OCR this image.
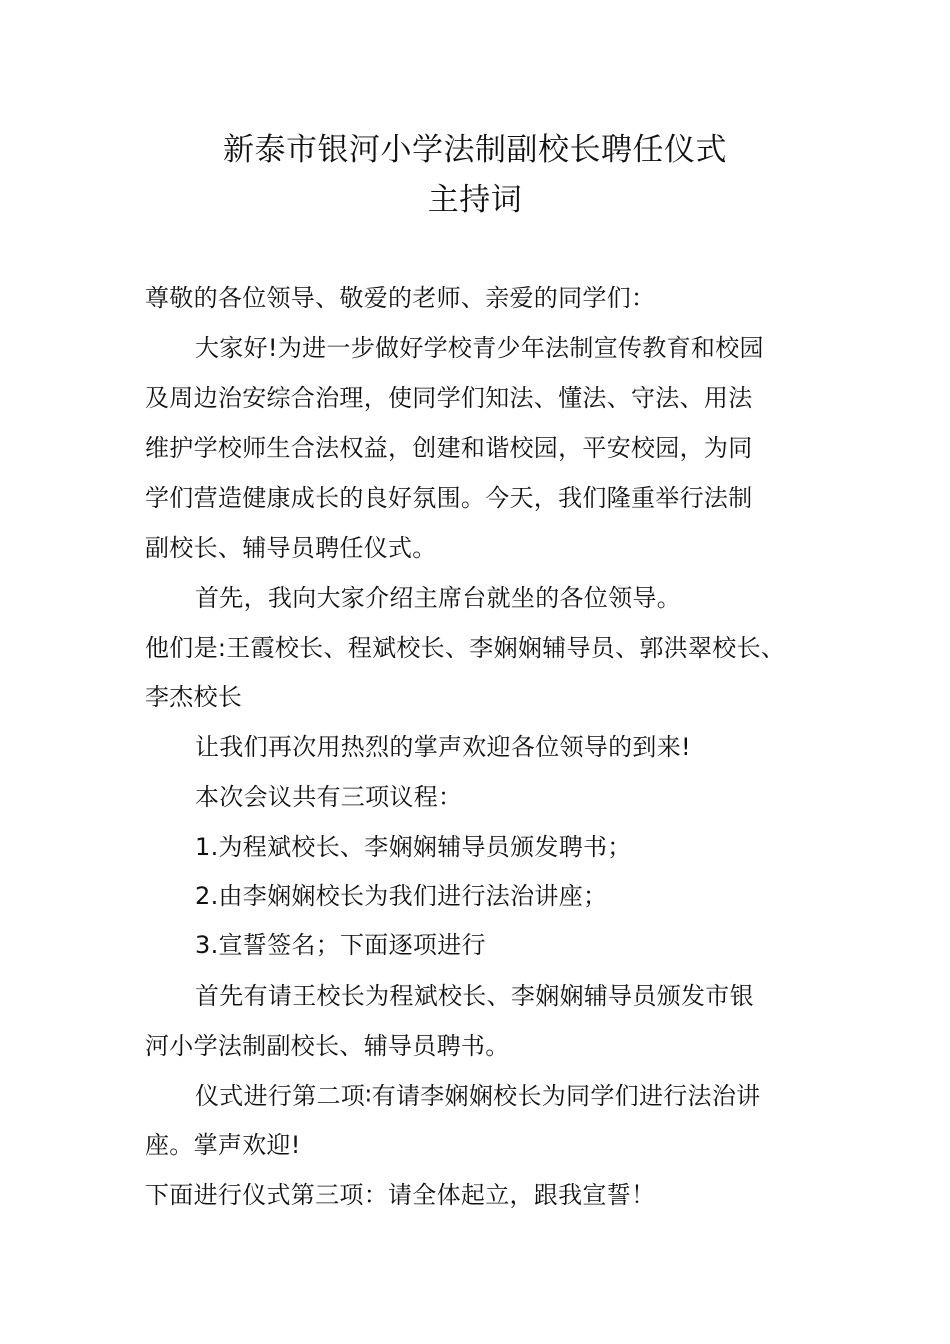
新泰市银河小学法制副校长聘任仪式
主持词
尊敬的各位领导、敬爱的老师、亲爱的同学们：
大家好!为进一步做好学校青少年法制宣传教育和校园
及周边治安综合治理，使同学们知法、懂法、守法、用法
维护学校师生合法权益，创建和谐校园，平安校园，为同
学们营造健康成长的良好氛围。今天，我们隆重举行法制
副校长、辅导员聘任仪式。
首先，我向大家介绍主席台就坐的各位领导。
他们是:王霞校长、程斌校长、李娴娴辅导员、郭洪翠校长、
李杰校长
让我们再次用热烈的掌声欢迎各位领导的到来!
本次会议共有三项议程：
1.为程斌校长、李娴娴辅导员颁发聘书；
2.由李娴娴校长为我们进行法治讲座；
3.宣誓签名；下面逐项进行
首先有请王校长为程斌校长、李娴娴辅导员颁发市银
河小学法制副校长、辅导员聘书。
仪式进行第二项∶有请李娴娴校长为同学们进行法治讲
座。掌声欢迎!
下面进行仪式第三项：请全体起立，跟我宣誓！
